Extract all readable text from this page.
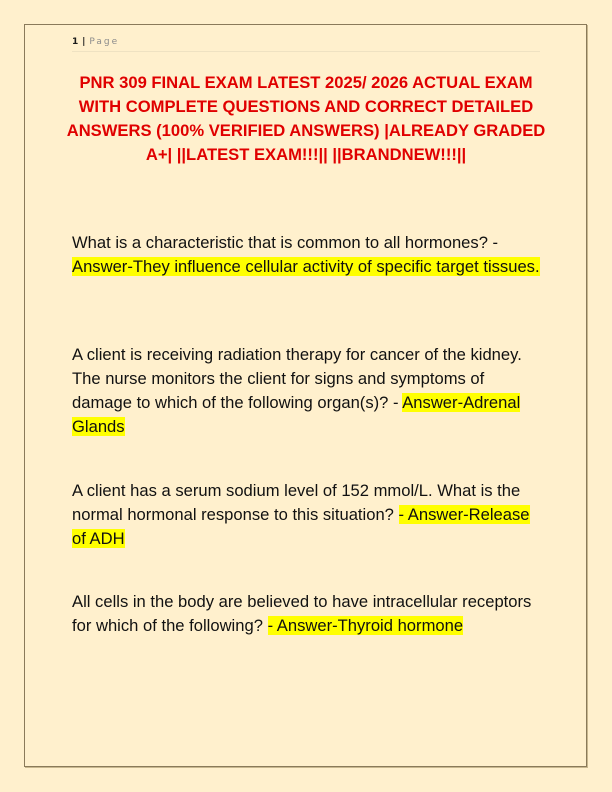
1 | Page
PNR 309 FINAL EXAM LATEST 2025/ 2026 ACTUAL EXAM WITH COMPLETE QUESTIONS AND CORRECT DETAILED ANSWERS (100% VERIFIED ANSWERS) |ALREADY GRADED A+| ||LATEST EXAM!!!|| ||BRANDNEW!!!||
What is a characteristic that is common to all hormones? - Answer-They influence cellular activity of specific target tissues.
A client is receiving radiation therapy for cancer of the kidney. The nurse monitors the client for signs and symptoms of damage to which of the following organ(s)? - Answer-Adrenal Glands
A client has a serum sodium level of 152 mmol/L. What is the normal hormonal response to this situation? - Answer-Release of ADH
All cells in the body are believed to have intracellular receptors for which of the following? - Answer-Thyroid hormone
